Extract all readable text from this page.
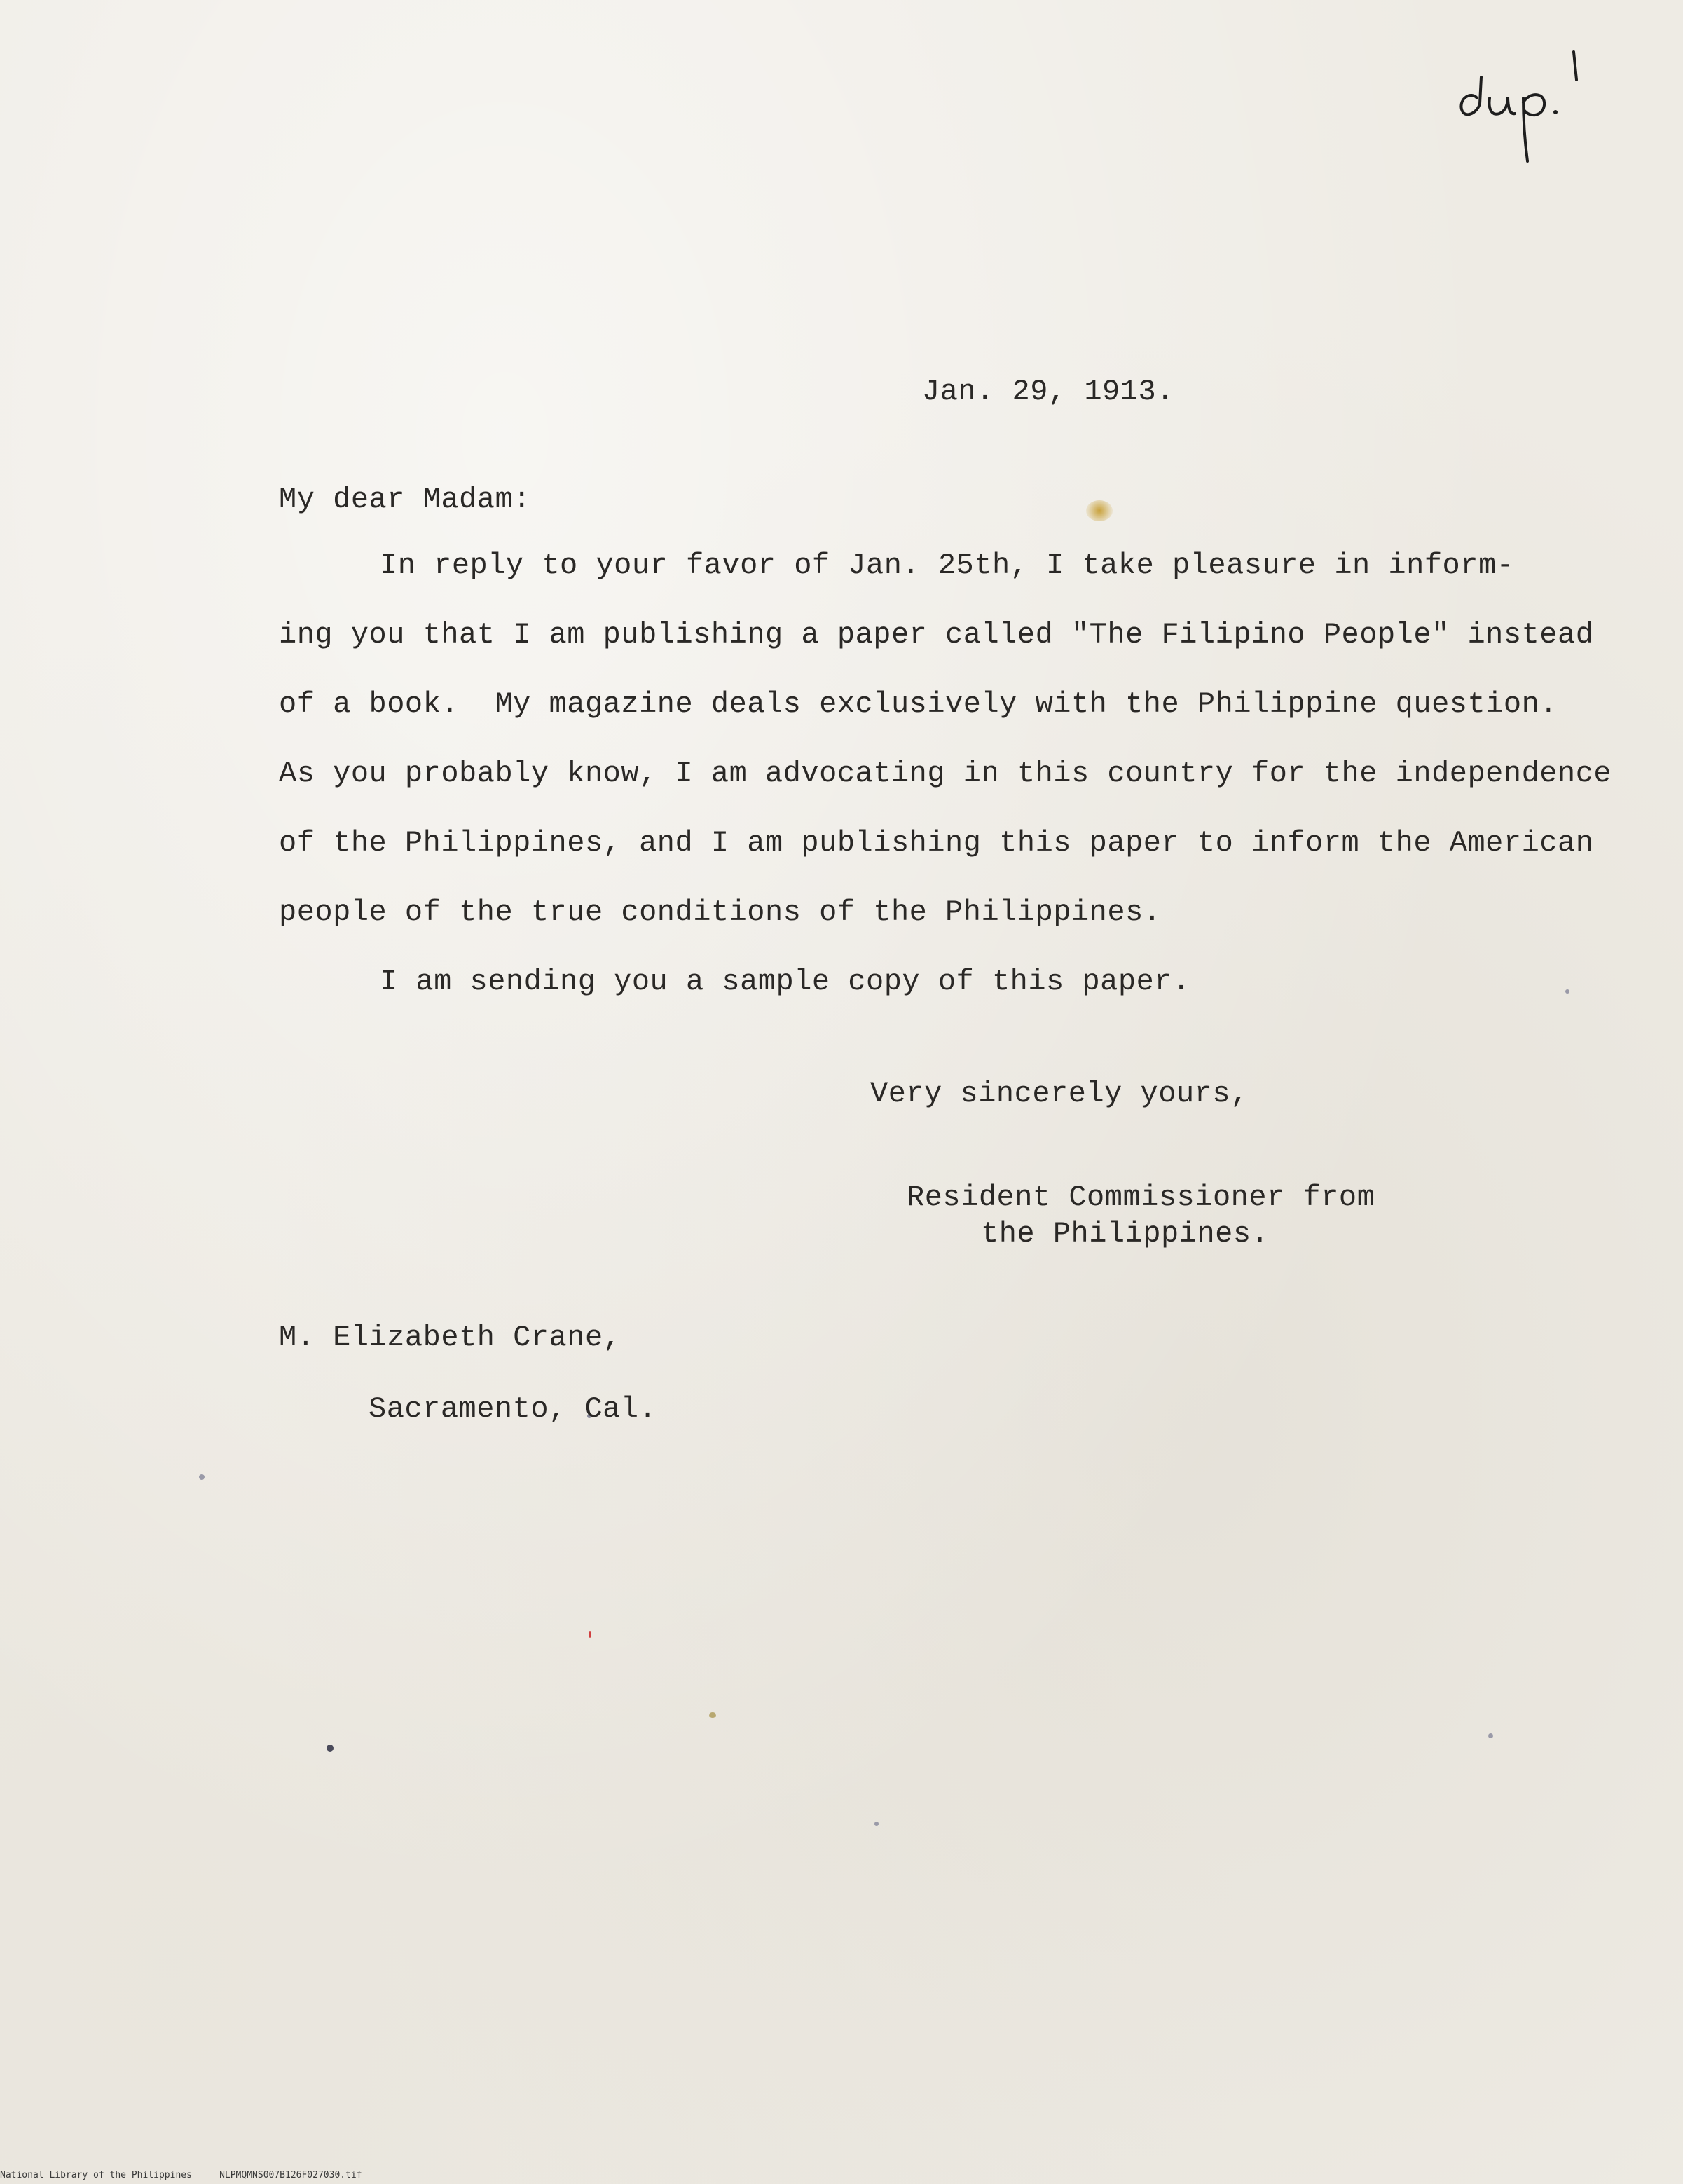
Jan. 29, 1913.
My dear Madam:
In reply to your favor of Jan. 25th, I take pleasure in inform-
ing you that I am publishing a paper called "The Filipino People" instead
of a book.  My magazine deals exclusively with the Philippine question.
As you probably know, I am advocating in this country for the independence
of the Philippines, and I am publishing this paper to inform the American
people of the true conditions of the Philippines.
I am sending you a sample copy of this paper.
Very sincerely yours,
Resident Commissioner from
the Philippines.
M. Elizabeth Crane,
Sacramento, Cal.
National Library of the Philippines	NLPMQMNS007B126F027030.tif
